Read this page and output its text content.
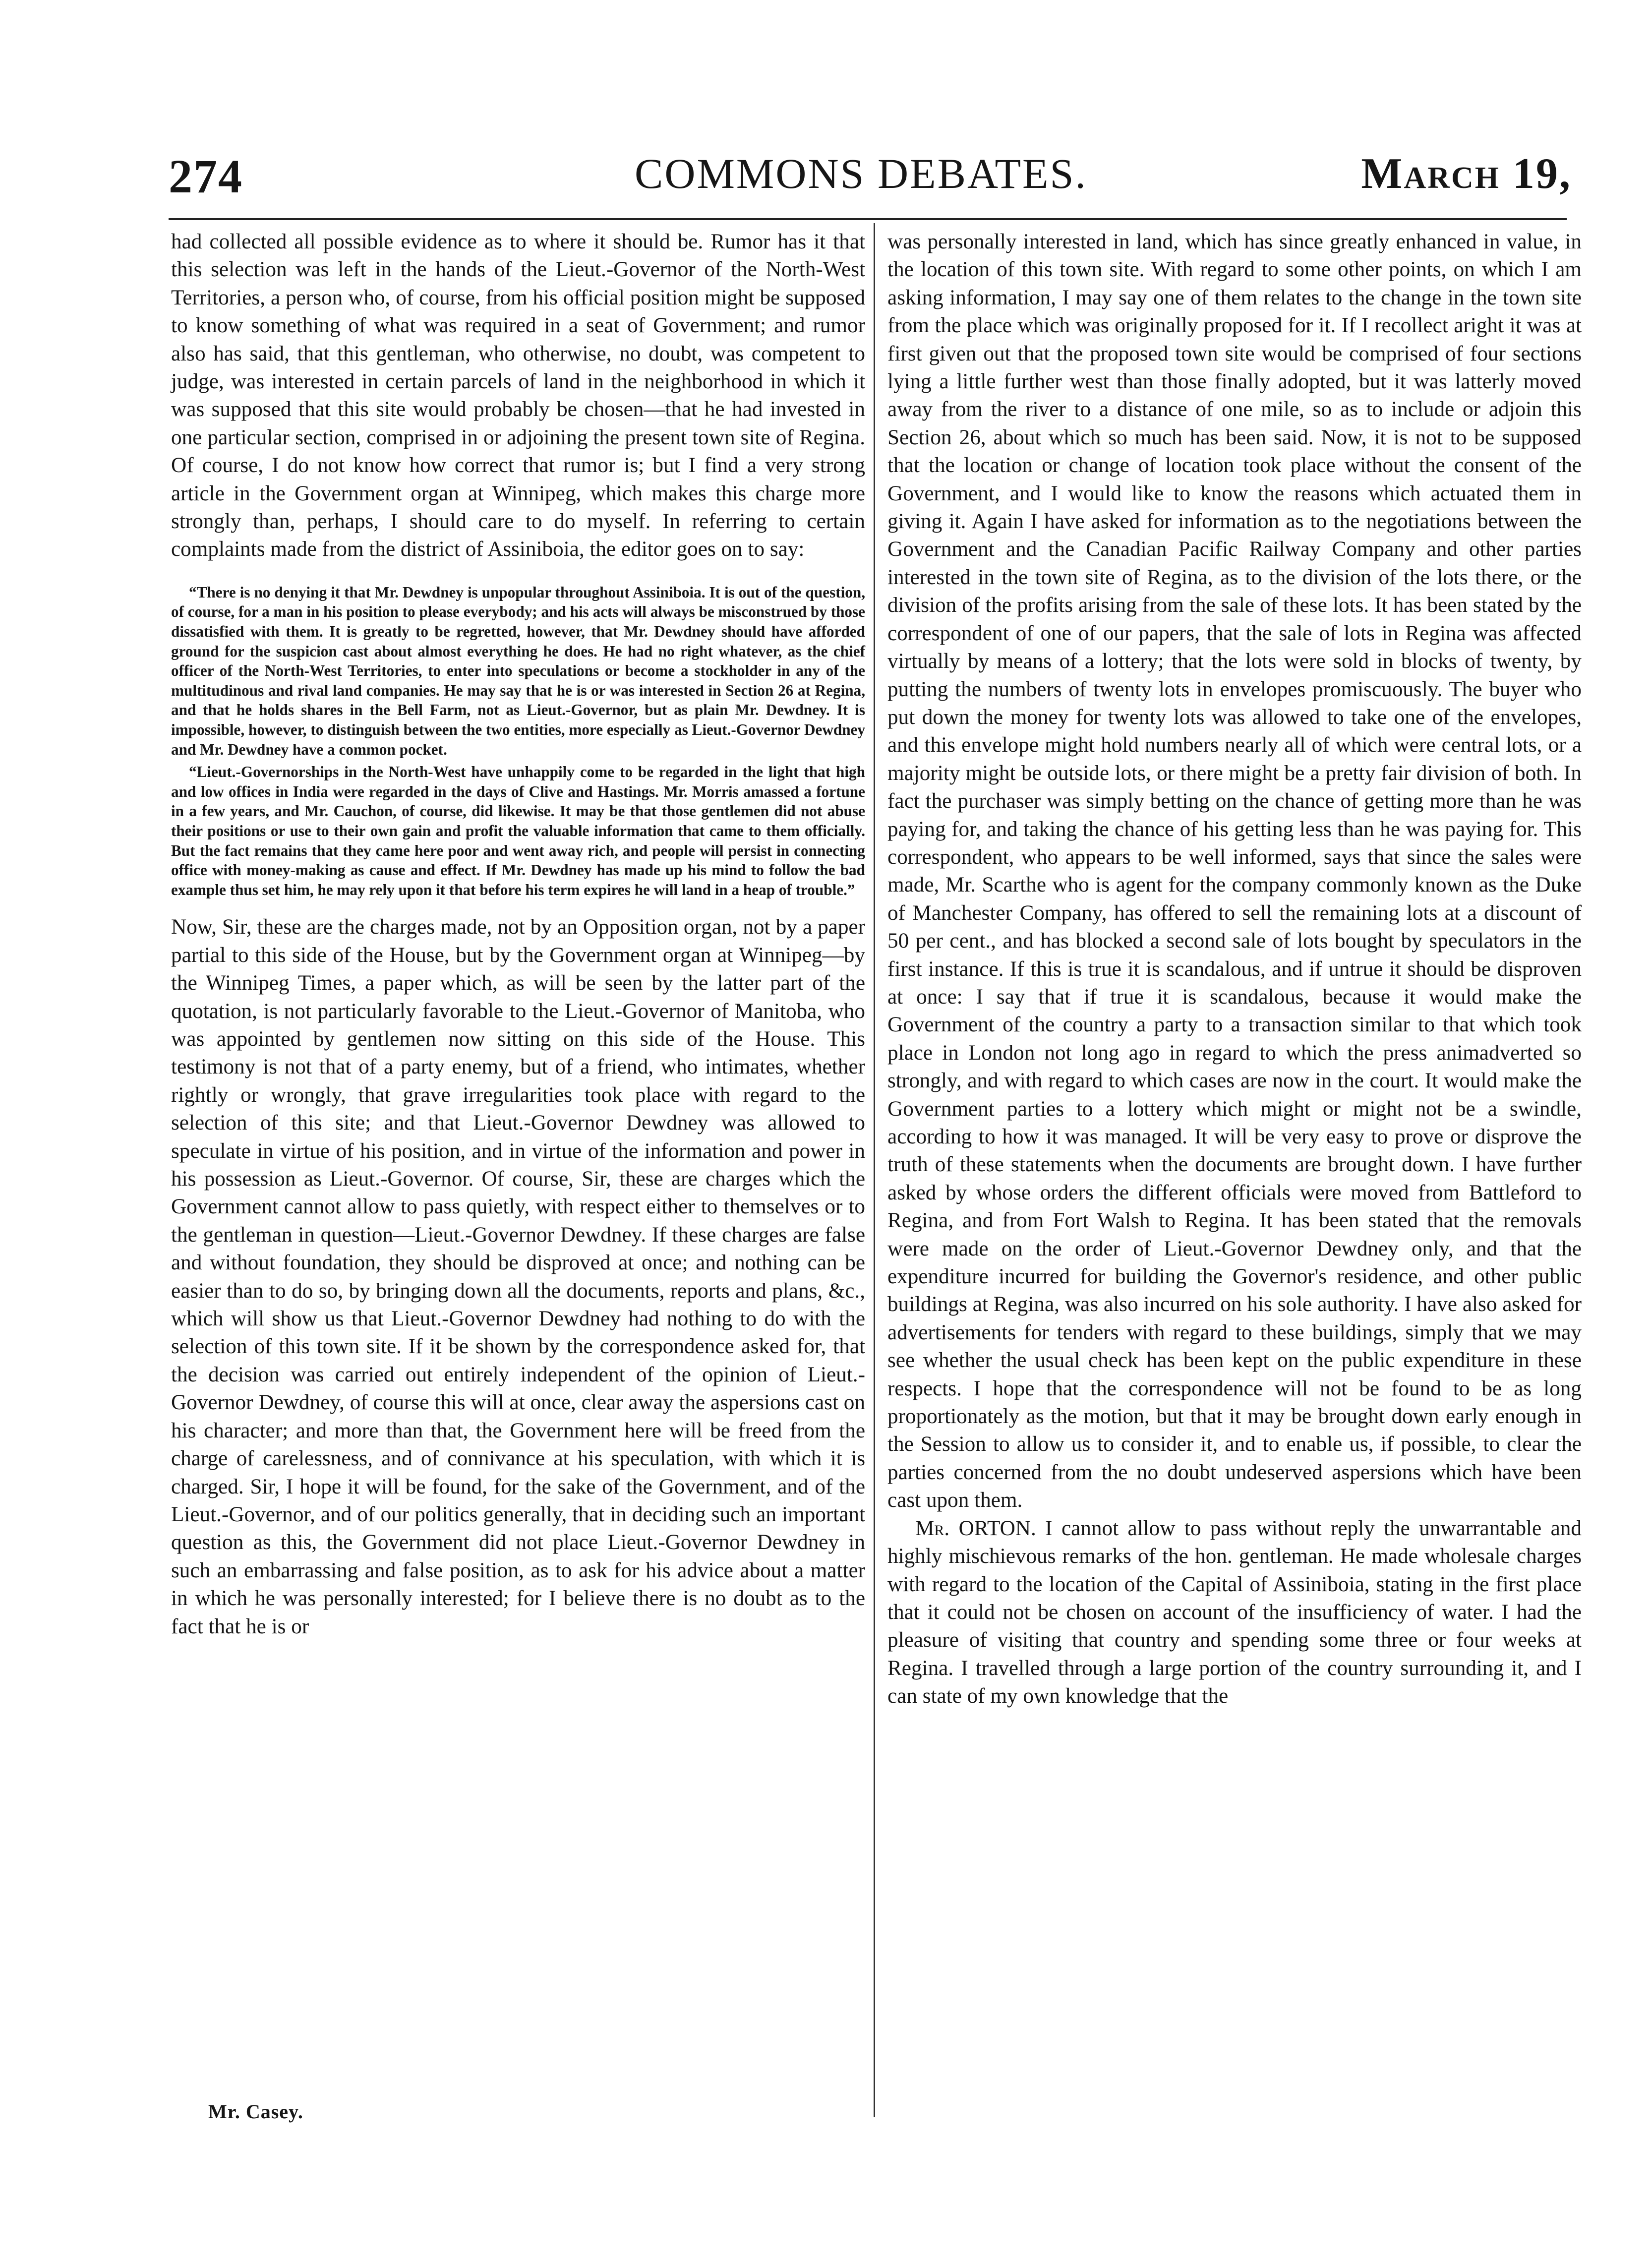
274	COMMONS DEBATES.	March 19,

had collected all possible evidence as to where it should be. Rumor has it that this selection was left in the hands of the Lieut.-Governor of the North-West Territories, a person who, of course, from his official position might be supposed to know something of what was required in a seat of Government; and rumor also has said, that this gentleman, who otherwise, no doubt, was competent to judge, was interested in certain parcels of land in the neighborhood in which it was supposed that this site would probably be chosen—that he had invested in one particular section, comprised in or adjoining the present town site of Regina. Of course, I do not know how correct that rumor is; but I find a very strong article in the Government organ at Winnipeg, which makes this charge more strongly than, perhaps, I should care to do myself. In referring to certain complaints made from the district of Assiniboia, the editor goes on to say:

“There is no denying it that Mr. Dewdney is unpopular throughout Assiniboia. It is out of the question, of course, for a man in his position to please everybody; and his acts will always be misconstrued by those dissatisfied with them. It is greatly to be regretted, however, that Mr. Dewdney should have afforded ground for the suspicion cast about almost everything he does. He had no right whatever, as the chief officer of the North-West Territories, to enter into speculations or become a stockholder in any of the multitudinous and rival land companies. He may say that he is or was interested in Section 26 at Regina, and that he holds shares in the Bell Farm, not as Lieut.-Governor, but as plain Mr. Dewdney. It is impossible, however, to distinguish between the two entities, more especially as Lieut.-Governor Dewdney and Mr. Dewdney have a common pocket.

“Lieut.-Governorships in the North-West have unhappily come to be regarded in the light that high and low offices in India were regarded in the days of Clive and Hastings. Mr. Morris amassed a fortune in a few years, and Mr. Cauchon, of course, did likewise. It may be that those gentlemen did not abuse their positions or use to their own gain and profit the valuable information that came to them officially. But the fact remains that they came here poor and went away rich, and people will persist in connecting office with money-making as cause and effect. If Mr. Dewdney has made up his mind to follow the bad example thus set him, he may rely upon it that before his term expires he will land in a heap of trouble.”

Now, Sir, these are the charges made, not by an Opposition organ, not by a paper partial to this side of the House, but by the Government organ at Winnipeg—by the Winnipeg Times, a paper which, as will be seen by the latter part of the quotation, is not particularly favorable to the Lieut.-Governor of Manitoba, who was appointed by gentlemen now sitting on this side of the House. This testimony is not that of a party enemy, but of a friend, who intimates, whether rightly or wrongly, that grave irregularities took place with regard to the selection of this site; and that Lieut.-Governor Dewdney was allowed to speculate in virtue of his position, and in virtue of the information and power in his possession as Lieut.-Governor. Of course, Sir, these are charges which the Government cannot allow to pass quietly, with respect either to themselves or to the gentleman in question—Lieut.-Governor Dewdney. If these charges are false and without foundation, they should be disproved at once; and nothing can be easier than to do so, by bringing down all the documents, reports and plans, &c., which will show us that Lieut.-Governor Dewdney had nothing to do with the selection of this town site. If it be shown by the correspondence asked for, that the decision was carried out entirely independent of the opinion of Lieut.-Governor Dewdney, of course this will at once, clear away the aspersions cast on his character; and more than that, the Government here will be freed from the charge of carelessness, and of connivance at his speculation, with which it is charged. Sir, I hope it will be found, for the sake of the Government, and of the Lieut.-Governor, and of our politics generally, that in deciding such an important question as this, the Government did not place Lieut.-Governor Dewdney in such an embarrassing and false position, as to ask for his advice about a matter in which he was personally interested; for I believe there is no doubt as to the fact that he is or

was personally interested in land, which has since greatly enhanced in value, in the location of this town site. With regard to some other points, on which I am asking information, I may say one of them relates to the change in the town site from the place which was originally proposed for it. If I recollect aright it was at first given out that the proposed town site would be comprised of four sections lying a little further west than those finally adopted, but it was latterly moved away from the river to a distance of one mile, so as to include or adjoin this Section 26, about which so much has been said. Now, it is not to be supposed that the location or change of location took place without the consent of the Government, and I would like to know the reasons which actuated them in giving it. Again I have asked for information as to the negotiations between the Government and the Canadian Pacific Railway Company and other parties interested in the town site of Regina, as to the division of the lots there, or the division of the profits arising from the sale of these lots. It has been stated by the correspondent of one of our papers, that the sale of lots in Regina was affected virtually by means of a lottery; that the lots were sold in blocks of twenty, by putting the numbers of twenty lots in envelopes promiscuously. The buyer who put down the money for twenty lots was allowed to take one of the envelopes, and this envelope might hold numbers nearly all of which were central lots, or a majority might be outside lots, or there might be a pretty fair division of both. In fact the purchaser was simply betting on the chance of getting more than he was paying for, and taking the chance of his getting less than he was paying for. This correspondent, who appears to be well informed, says that since the sales were made, Mr. Scarthe who is agent for the company commonly known as the Duke of Manchester Company, has offered to sell the remaining lots at a discount of 50 per cent., and has blocked a second sale of lots bought by speculators in the first instance. If this is true it is scandalous, and if untrue it should be disproven at once: I say that if true it is scandalous, because it would make the Government of the country a party to a transaction similar to that which took place in London not long ago in regard to which the press animadverted so strongly, and with regard to which cases are now in the court. It would make the Government parties to a lottery which might or might not be a swindle, according to how it was managed. It will be very easy to prove or disprove the truth of these statements when the documents are brought down. I have further asked by whose orders the different officials were moved from Battleford to Regina, and from Fort Walsh to Regina. It has been stated that the removals were made on the order of Lieut.-Governor Dewdney only, and that the expenditure incurred for building the Governor's residence, and other public buildings at Regina, was also incurred on his sole authority. I have also asked for advertisements for tenders with regard to these buildings, simply that we may see whether the usual check has been kept on the public expenditure in these respects. I hope that the correspondence will not be found to be as long proportionately as the motion, but that it may be brought down early enough in the Session to allow us to consider it, and to enable us, if possible, to clear the parties concerned from the no doubt undeserved aspersions which have been cast upon them.

Mr. ORTON. I cannot allow to pass without reply the unwarrantable and highly mischievous remarks of the hon. gentleman. He made wholesale charges with regard to the location of the Capital of Assiniboia, stating in the first place that it could not be chosen on account of the insufficiency of water. I had the pleasure of visiting that country and spending some three or four weeks at Regina. I travelled through a large portion of the country surrounding it, and I can state of my own knowledge that the

Mr. Casey.
